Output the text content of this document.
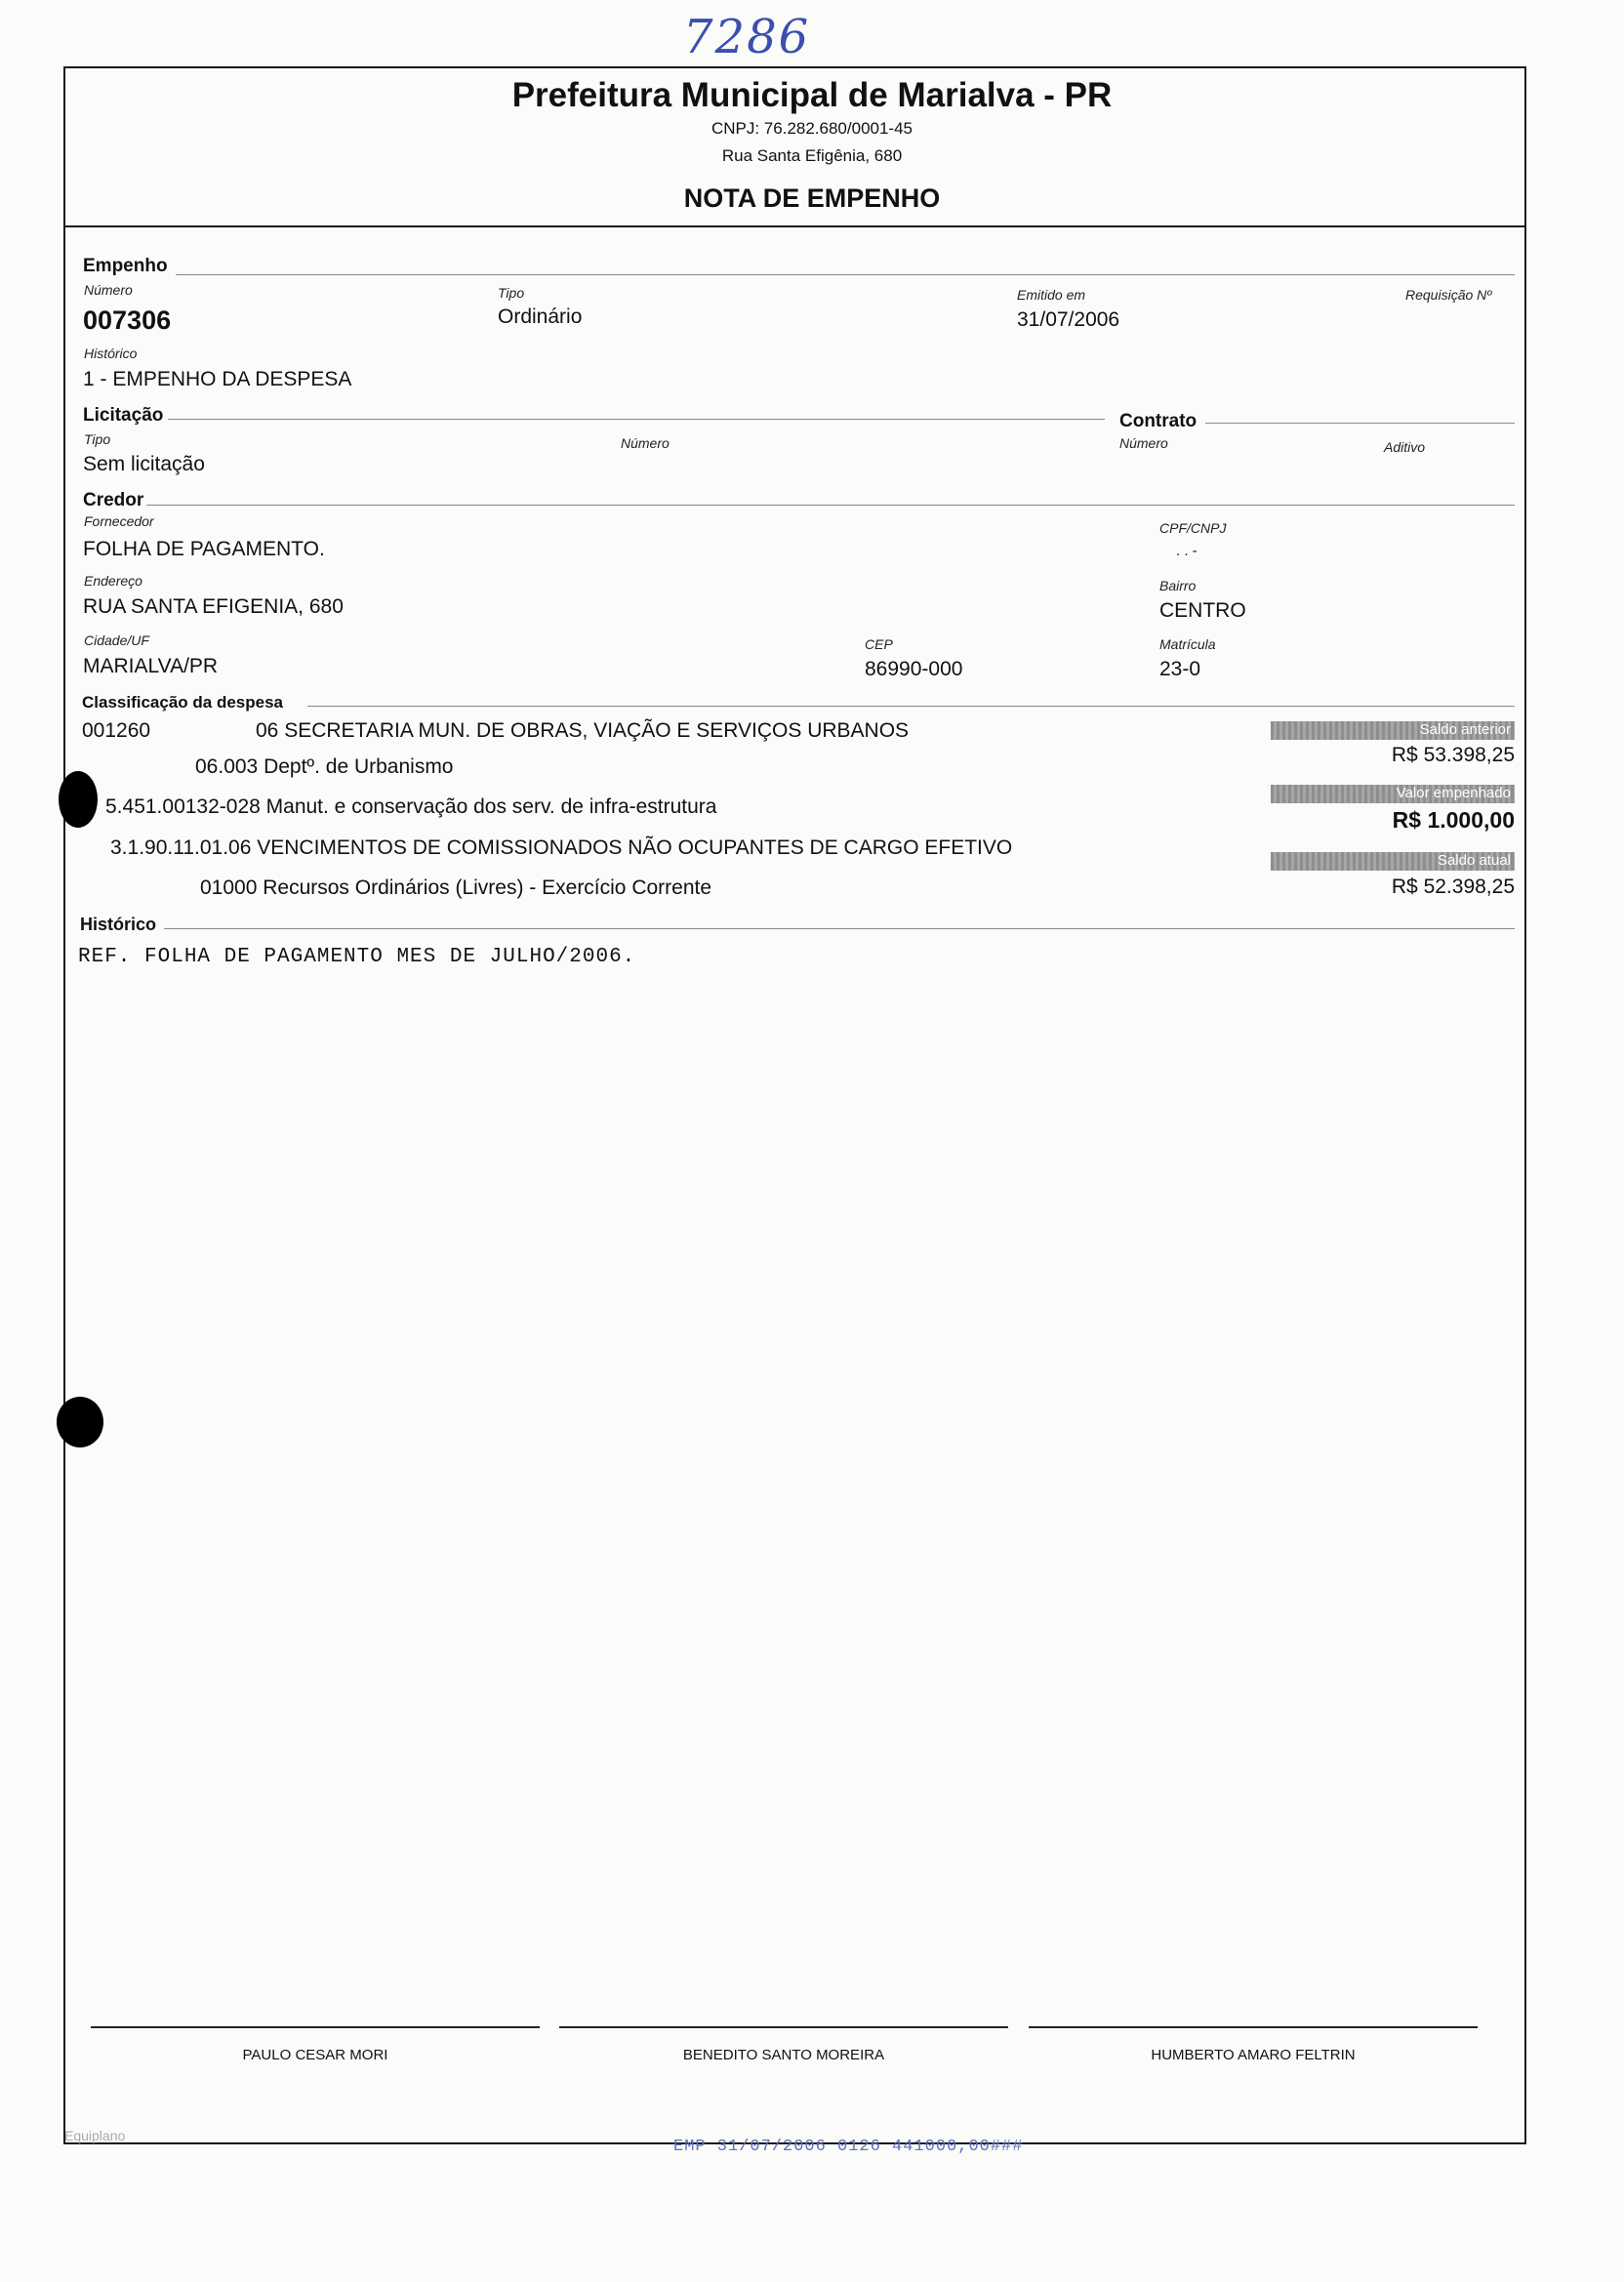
7286
Prefeitura Municipal de Marialva - PR
CNPJ: 76.282.680/0001-45
Rua Santa Efigênia, 680
NOTA DE EMPENHO
Empenho
Número
007306
Tipo
Ordinário
Emitido em
31/07/2006
Requisição Nº
Histórico
1 - EMPENHO DA DESPESA
Licitação	Contrato
Tipo
Sem licitação
Número	Número	Aditivo
Credor
Fornecedor
FOLHA DE PAGAMENTO.
CPF/CNPJ
. . -
Endereço
RUA SANTA EFIGENIA, 680
Bairro
CENTRO
Cidade/UF
MARIALVA/PR
CEP
86990-000
Matrícula
23-0
Classificação da despesa
001260	06 SECRETARIA MUN. DE OBRAS, VIAÇÃO E SERVIÇOS URBANOS
06.003 Deptº. de Urbanismo
5.451.00132-028 Manut. e conservação dos serv. de infra-estrutura
3.1.90.11.01.06 VENCIMENTOS DE COMISSIONADOS NÃO OCUPANTES DE CARGO EFETIVO
01000 Recursos Ordinários (Livres) - Exercício Corrente
Saldo anterior
R$ 53.398,25
Valor empenhado
R$ 1.000,00
Saldo atual
R$ 52.398,25
Histórico
REF. FOLHA DE PAGAMENTO MES DE JULHO/2006.
PAULO CESAR MORI	BENEDITO SANTO MOREIRA	HUMBERTO AMARO FELTRIN
Equiplano
EMP 31/07/2006 0126 441000,00###
